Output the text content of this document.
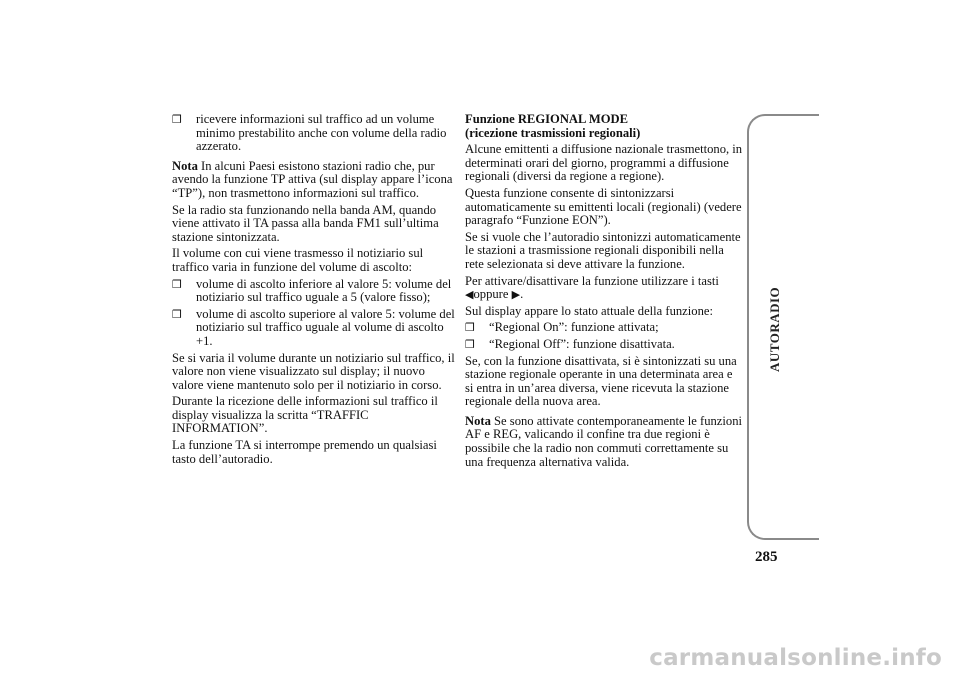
❒	ricevere informazioni sul traffico ad un volume minimo prestabilito anche con volume della radio azzerato.

Nota In alcuni Paesi esistono stazioni radio che, pur avendo la funzione TP attiva (sul display appare l’icona “TP”), non trasmettono informazioni sul traffico.

Se la radio sta funzionando nella banda AM, quando viene attivato il TA passa alla banda FM1 sull’ultima stazione sintonizzata.

Il volume con cui viene trasmesso il notiziario sul traffico varia in funzione del volume di ascolto:

❒	volume di ascolto inferiore al valore 5: volume del notiziario sul traffico uguale a 5 (valore fisso);
❒	volume di ascolto superiore al valore 5: volume del notiziario sul traffico uguale al volume di ascolto +1.

Se si varia il volume durante un notiziario sul traffico, il valore non viene visualizzato sul display; il nuovo valore viene mantenuto solo per il notiziario in corso.

Durante la ricezione delle informazioni sul traffico il display visualizza la scritta “TRAFFIC INFORMATION”.

La funzione TA si interrompe premendo un qualsiasi tasto dell’autoradio.

Funzione REGIONAL MODE
(ricezione trasmissioni regionali)

Alcune emittenti a diffusione nazionale trasmettono, in determinati orari del giorno, programmi a diffusione regionali (diversi da regione a regione).

Questa funzione consente di sintonizzarsi automaticamente su emittenti locali (regionali) (vedere paragrafo “Funzione EON”).

Se si vuole che l’autoradio sintonizzi automaticamente le stazioni a trasmissione regionali disponibili nella rete selezionata si deve attivare la funzione.

Per attivare/disattivare la funzione utilizzare i tasti ◀oppure ▶.

Sul display appare lo stato attuale della funzione:

❒	“Regional On”: funzione attivata;
❒	“Regional Off”: funzione disattivata.

Se, con la funzione disattivata, si è sintonizzati su una stazione regionale operante in una determinata area e si entra in un’area diversa, viene ricevuta la stazione regionale della nuova area.

Nota Se sono attivate contemporaneamente le funzioni AF e REG, valicando il confine tra due regioni è possibile che la radio non commuti correttamente su una frequenza alternativa valida.

AUTORADIO
285
carmanualsonline.info
